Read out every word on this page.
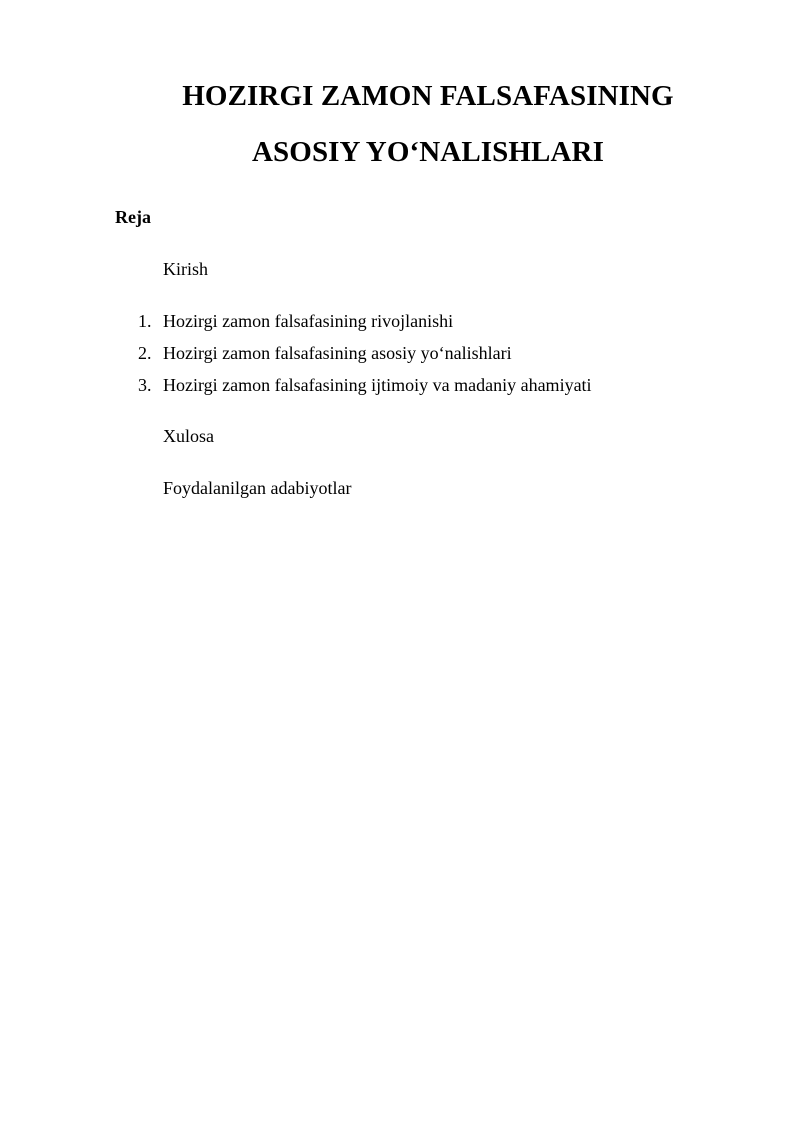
HOZIRGI ZAMON FALSAFASINING
ASOSIY YO‘NALISHLARI
Reja
Kirish
1. Hozirgi zamon falsafasining rivojlanishi
2. Hozirgi zamon falsafasining asosiy yo‘nalishlari
3. Hozirgi zamon falsafasining ijtimoiy va madaniy ahamiyati
Xulosa
Foydalanilgan adabiyotlar
